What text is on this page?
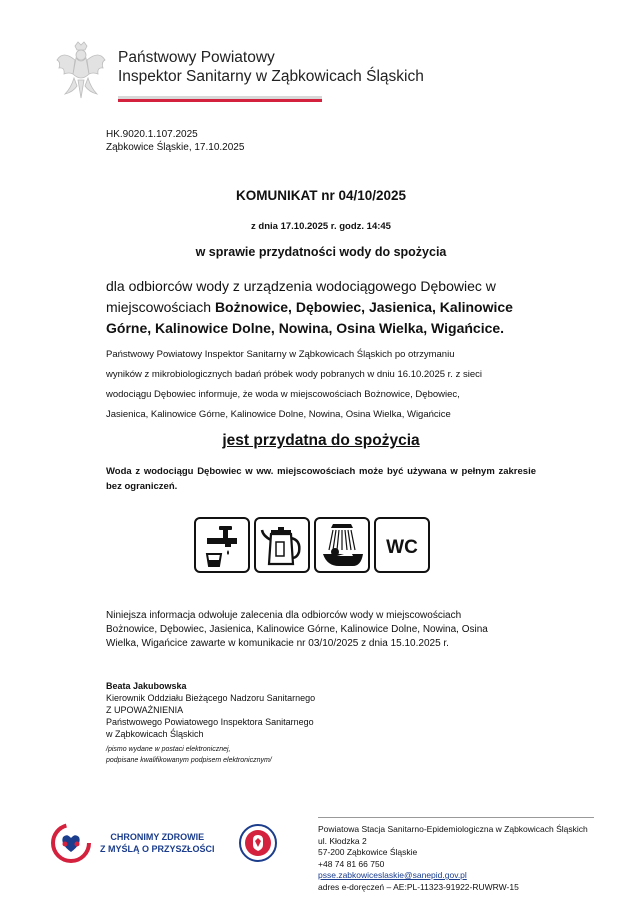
Państwowy Powiatowy
Inspektor Sanitarny w Ząbkowicach Śląskich
HK.9020.1.107.2025
Ząbkowice Śląskie, 17.10.2025
KOMUNIKAT nr 04/10/2025
z dnia 17.10.2025 r. godz. 14:45
w sprawie przydatności wody do spożycia
dla odbiorców wody z urządzenia wodociągowego Dębowiec w miejscowościach Bożnowice, Dębowiec, Jasienica, Kalinowice Górne, Kalinowice Dolne, Nowina, Osina Wielka, Wigańcice.
Państwowy Powiatowy Inspektor Sanitarny w Ząbkowicach Śląskich po otrzymaniu
wyników z mikrobiologicznych badań próbek wody pobranych w dniu 16.10.2025 r. z sieci
wodociągu Dębowiec informuje, że woda w miejscowościach Bożnowice, Dębowiec,
Jasienica, Kalinowice Górne, Kalinowice Dolne, Nowina, Osina Wielka, Wigańcice
jest przydatna do spożycia
Woda z wodociągu Dębowiec w ww. miejscowościach może być używana w pełnym zakresie bez ograniczeń.
WC
Niniejsza informacja odwołuje zalecenia dla odbiorców wody w miejscowościach
Bożnowice, Dębowiec, Jasienica, Kalinowice Górne, Kalinowice Dolne, Nowina, Osina
Wielka, Wigańcice zawarte w komunikacie nr 03/10/2025 z dnia 15.10.2025 r.
Beata Jakubowska
Kierownik Oddziału Bieżącego Nadzoru Sanitarnego
Z UPOWAŻNIENIA
Państwowego Powiatowego Inspektora Sanitarnego
w Ząbkowicach Śląskich
/pismo wydane w postaci elektronicznej,
podpisane kwalifikowanym podpisem elektronicznym/
CHRONIMY ZDROWIE
Z MYŚLĄ O PRZYSZŁOŚCI
Powiatowa Stacja Sanitarno-Epidemiologiczna w Ząbkowicach Śląskich
ul. Kłodzka 2
57-200 Ząbkowice Śląskie
+48 74 81 66 750
psse.zabkowiceslaskie@sanepid.gov.pl
adres e-doręczeń – AE:PL-11323-91922-RUWRW-15
